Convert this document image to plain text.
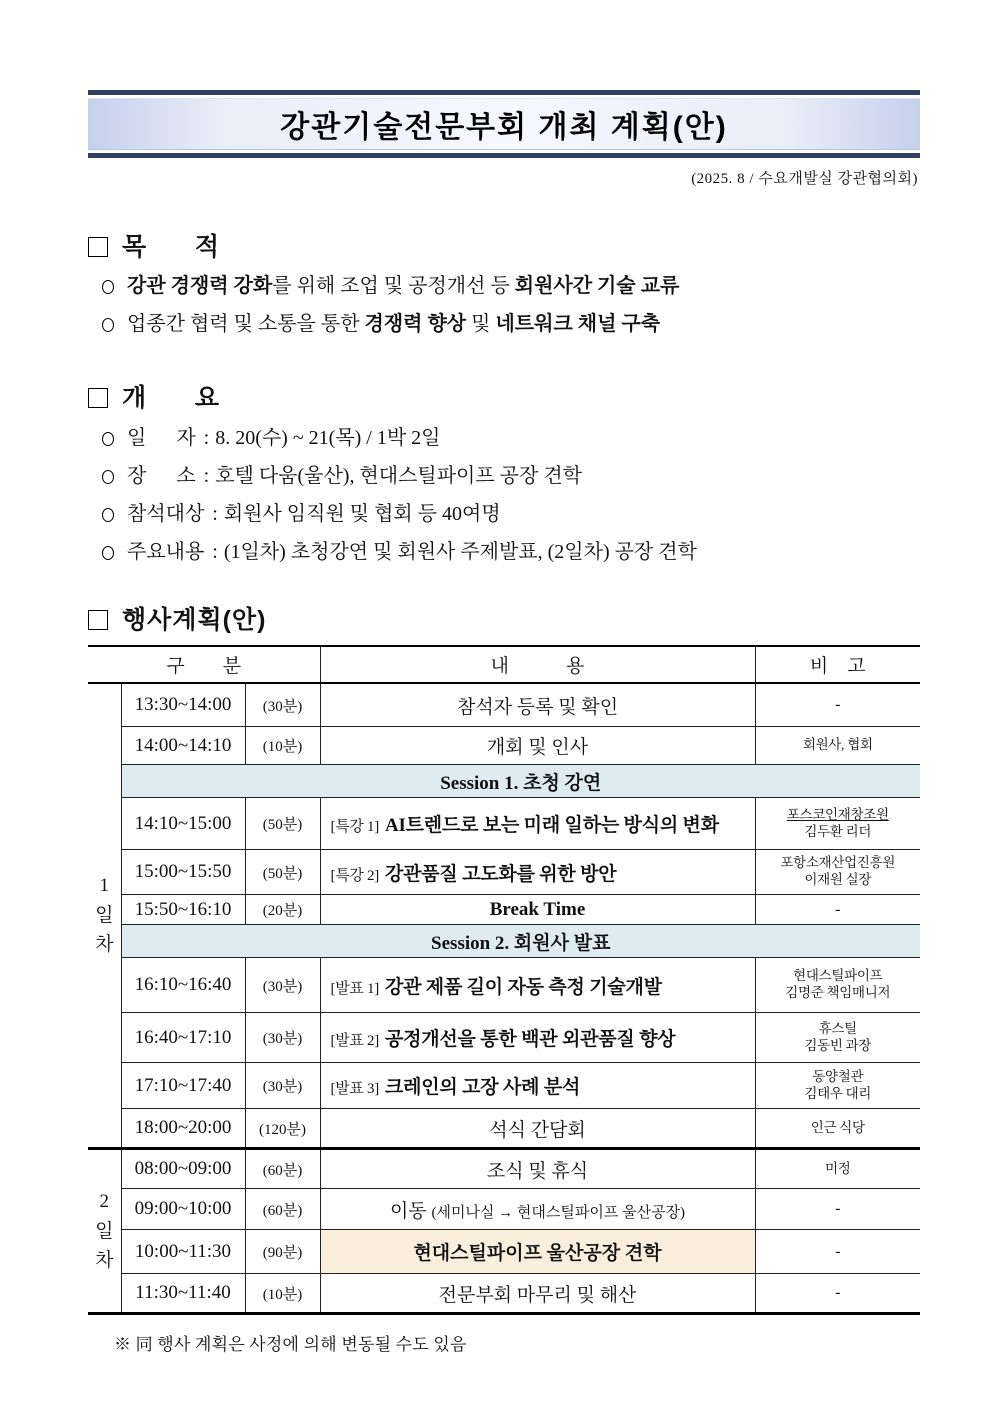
강관기술전문부회 개최 계획(안)
(2025. 8 / 수요개발실 강관협의회)
목      적
강관 경쟁력 강화를 위해 조업 및 공정개선 등 회원사간 기술 교류
업종간 협력 및 소통을 통한 경쟁력 향상 및 네트워크 채널 구축
개      요
일      자 : 8. 20(수) ~ 21(목) / 1박 2일
장      소 : 호텔 다움(울산), 현대스틸파이프 공장 견학
참석대상 : 회원사 임직원 및 협회 등 40여명
주요내용 : (1일차) 초청강연 및 회원사 주제발표, (2일차) 공장 견학
행사계획(안)
구        분			내            용	비    고

1
일
차	13:30~14:00	(30분)	참석자 등록 및 확인	-

	14:00~14:10	(10분)	개회 및 인사	회원사, 협회

	Session 1. 초청 강연			
	14:10~15:00	(50분)	[특강 1] AI트렌드로 보는 미래 일하는 방식의 변화	포스코인재창조원
김두환 리더

	15:00~15:50	(50분)	[특강 2] 강관품질 고도화를 위한 방안	포항소재산업진흥원
이재원 실장

	15:50~16:10	(20분)	Break Time	-

	Session 2. 회원사 발표			
	16:10~16:40	(30분)	[발표 1] 강관 제품 길이 자동 측정 기술개발	현대스틸파이프
김명준 책임매니저

	16:40~17:10	(30분)	[발표 2] 공정개선을 통한 백관 외관품질 향상	휴스틸
김동빈 과장

	17:10~17:40	(30분)	[발표 3] 크레인의 고장 사례 분석	동양철관
김태우 대리

	18:00~20:00	(120분)	석식 간담회	인근 식당

2
일
차	08:00~09:00	(60분)	조식 및 휴식	미정

	09:00~10:00	(60분)	이동 (세미나실 → 현대스틸파이프 울산공장)	-

	10:00~11:30	(90분)	현대스틸파이프 울산공장 견학	-

	11:30~11:40	(10분)	전문부회 마무리 및 해산	-
※ 同 행사 계획은 사정에 의해 변동될 수도 있음
